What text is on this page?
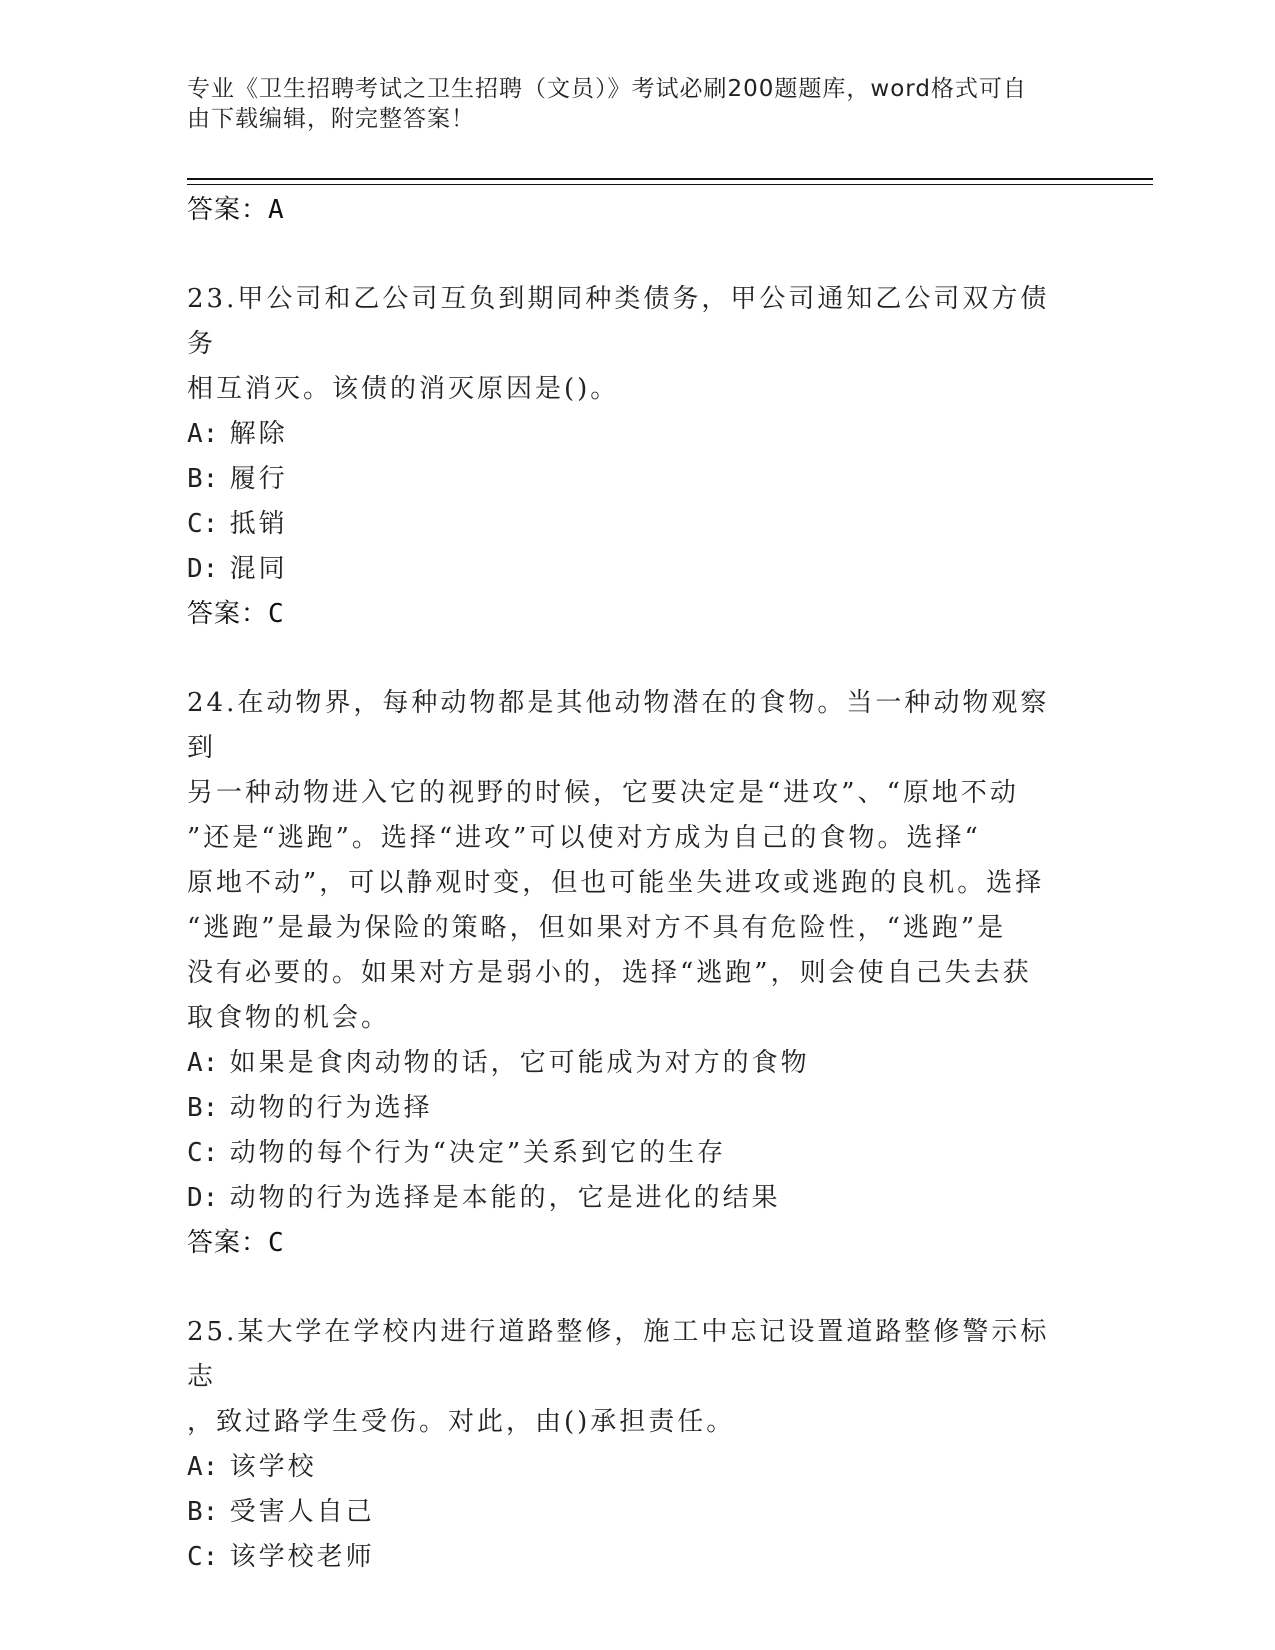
专业《卫生招聘考试之卫生招聘（文员）》考试必刷200题题库，word格式可自
由下载编辑，附完整答案！
答案：A
23.甲公司和乙公司互负到期同种类债务，甲公司通知乙公司双方债务
相互消灭。该债的消灭原因是()。
A: 解除
B: 履行
C: 抵销
D: 混同
答案：C
24.在动物界，每种动物都是其他动物潜在的食物。当一种动物观察到
另一种动物进入它的视野的时候，它要决定是“进攻”、“原地不动
”还是“逃跑”。选择“进攻”可以使对方成为自己的食物。选择“
原地不动”，可以静观时变，但也可能坐失进攻或逃跑的良机。选择
“逃跑”是最为保险的策略，但如果对方不具有危险性，“逃跑”是
没有必要的。如果对方是弱小的，选择“逃跑”，则会使自己失去获
取食物的机会。
A: 如果是食肉动物的话，它可能成为对方的食物
B: 动物的行为选择
C: 动物的每个行为“决定”关系到它的生存
D: 动物的行为选择是本能的，它是进化的结果
答案：C
25.某大学在学校内进行道路整修，施工中忘记设置道路整修警示标志
，致过路学生受伤。对此，由()承担责任。
A: 该学校
B: 受害人自己
C: 该学校老师
